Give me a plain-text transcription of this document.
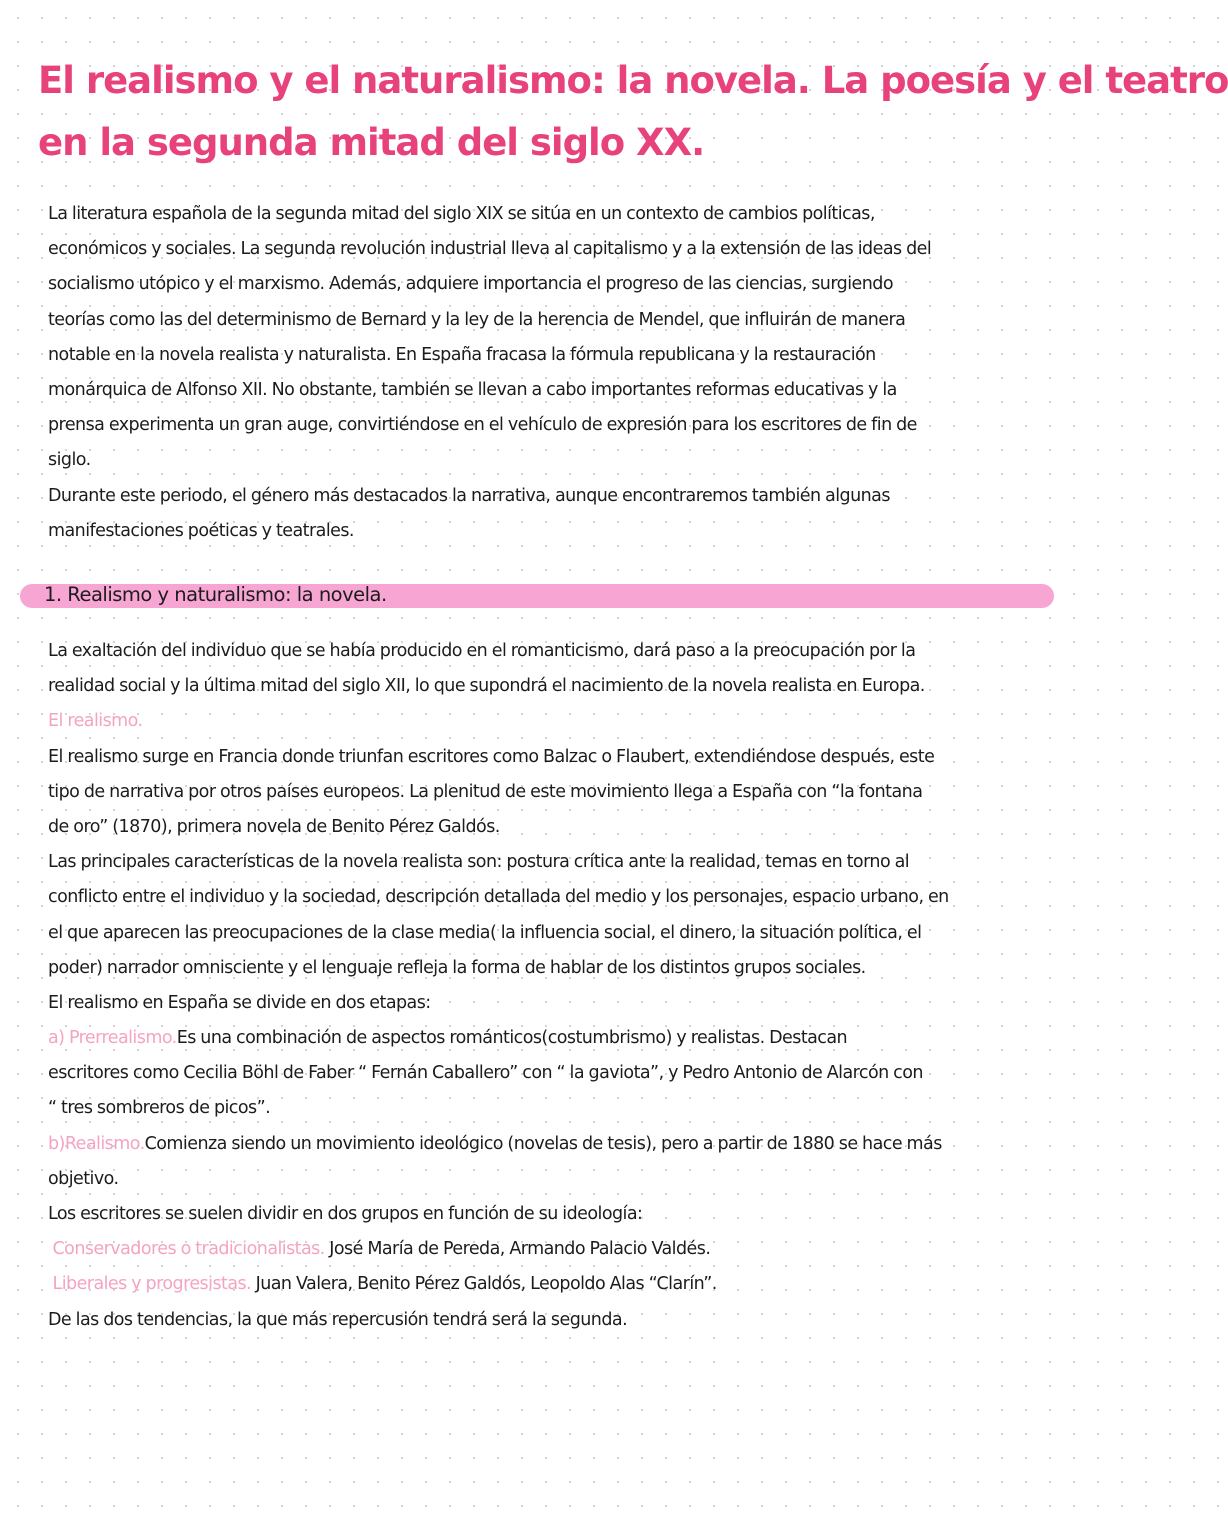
El realismo y el naturalismo: la novela. La poesía y el teatro
en la segunda mitad del siglo XX.
La literatura española de la segunda mitad del siglo XIX se sitúa en un contexto de cambios políticas,
económicos y sociales. La segunda revolución industrial lleva al capitalismo y a la extensión de las ideas del
socialismo utópico y el marxismo. Además, adquiere importancia el progreso de las ciencias, surgiendo
teorías como las del determinismo de Bernard y la ley de la herencia de Mendel, que influirán de manera
notable en la novela realista y naturalista. En España fracasa la fórmula republicana y la restauración
monárquica de Alfonso XII. No obstante, también se llevan a cabo importantes reformas educativas y la
prensa experimenta un gran auge, convirtiéndose en el vehículo de expresión para los escritores de fin de
siglo.
Durante este periodo, el género más destacados la narrativa, aunque encontraremos también algunas
manifestaciones poéticas y teatrales.
1. Realismo y naturalismo: la novela.
La exaltación del individuo que se había producido en el romanticismo, dará paso a la preocupación por la
realidad social y la última mitad del siglo XII, lo que supondrá el nacimiento de la novela realista en Europa.
El realismo.
El realismo surge en Francia donde triunfan escritores como Balzac o Flaubert, extendiéndose después, este
tipo de narrativa por otros países europeos. La plenitud de este movimiento llega a España con “la fontana
de oro” (1870), primera novela de Benito Pérez Galdós.
Las principales características de la novela realista son: postura crítica ante la realidad, temas en torno al
conflicto entre el individuo y la sociedad, descripción detallada del medio y los personajes, espacio urbano, en
el que aparecen las preocupaciones de la clase media( la influencia social, el dinero, la situación política, el
poder) narrador omnisciente y el lenguaje refleja la forma de hablar de los distintos grupos sociales.
El realismo en España se divide en dos etapas:
a) Prerrealismo.Es una combinación de aspectos románticos(costumbrismo) y realistas. Destacan
escritores como Cecilia Böhl de Faber “ Fernán Caballero” con “ la gaviota”, y Pedro Antonio de Alarcón con
“ tres sombreros de picos”.
b)Realismo.Comienza siendo un movimiento ideológico (novelas de tesis), pero a partir de 1880 se hace más
objetivo.
Los escritores se suelen dividir en dos grupos en función de su ideología:
Conservadores o tradicionalistas. José María de Pereda, Armando Palacio Valdés.
Liberales y progresistas. Juan Valera, Benito Pérez Galdós, Leopoldo Alas “Clarín”.
De las dos tendencias, la que más repercusión tendrá será la segunda.
